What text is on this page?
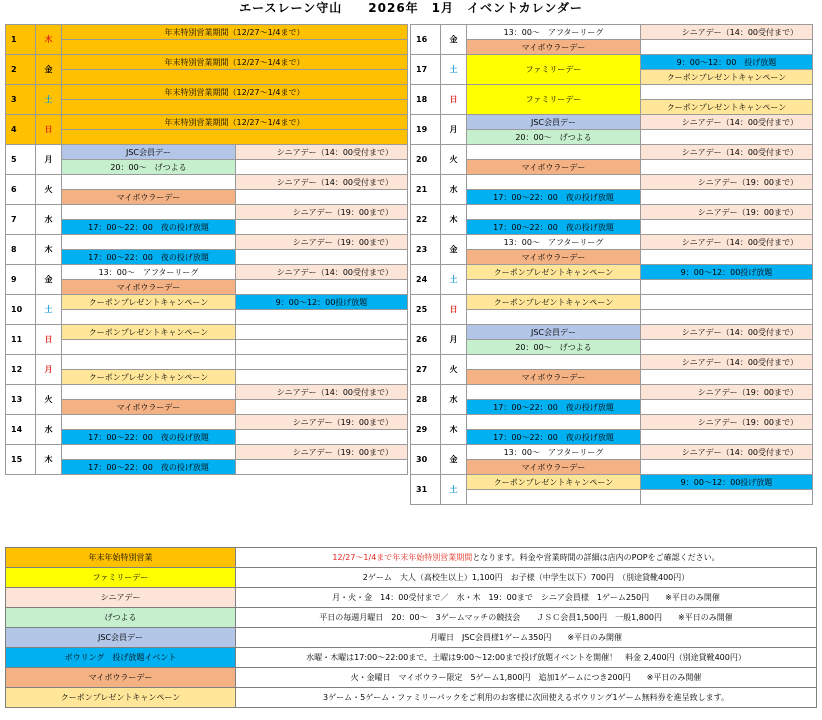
エースレーン守山　　2026年　1月　イベントカレンダー
1	木	年末特別営業期間（12/27～1/4まで）	

2	金	年末特別営業期間（12/27～1/4まで）	

3	土	年末特別営業期間（12/27～1/4まで）	

4	日	年末特別営業期間（12/27～1/4まで）	

5	月	JSC会員デー	シニアデー（14：00受付まで）
		20：00～　げつよる	
6	火		シニアデー（14：00受付まで）
		マイボウラーデー	
7	水		シニアデー（19：00まで）
		17：00～22：00　夜の投げ放題	
8	木		シニアデー（19：00まで）
		17：00～22：00　夜の投げ放題	
9	金	13：00～　アフターリーグ	シニアデー（14：00受付まで）
		マイボウラーデー	
10	土	クーポンプレゼントキャンペーン	9：00～12：00投げ放題

11	日	クーポンプレゼントキャンペーン	

12	月		
		クーポンプレゼントキャンペーン	
13	火		シニアデー（14：00受付まで）
		マイボウラーデー	
14	水		シニアデー（19：00まで）
		17：00～22：00　夜の投げ放題	
15	木		シニアデー（19：00まで）
		17：00～22：00　夜の投げ放題	
16	金	13：00～　アフターリーグ	シニアデー（14：00受付まで）
		マイボウラーデー	
17	土	ファミリーデー	9：00～12：00　投げ放題
			クーポンプレゼントキャンペーン
18	日	ファミリーデー	
			クーポンプレゼントキャンペーン
19	月	JSC会員デー	シニアデー（14：00受付まで）
		20：00～　げつよる	
20	火		シニアデー（14：00受付まで）
		マイボウラーデー	
21	水		シニアデー（19：00まで）
		17：00～22：00　夜の投げ放題	
22	木		シニアデー（19：00まで）
		17：00～22：00　夜の投げ放題	
23	金	13：00～　アフターリーグ	シニアデー（14：00受付まで）
		マイボウラーデー	
24	土	クーポンプレゼントキャンペーン	9：00～12：00投げ放題

25	日	クーポンプレゼントキャンペーン	

26	月	JSC会員デー	シニアデー（14：00受付まで）
		20：00～　げつよる	
27	火		シニアデー（14：00受付まで）
		マイボウラーデー	
28	水		シニアデー（19：00まで）
		17：00～22：00　夜の投げ放題	
29	木		シニアデー（19：00まで）
		17：00～22：00　夜の投げ放題	
30	金	13：00～　アフターリーグ	シニアデー（14：00受付まで）
		マイボウラーデー	
31	土	クーポンプレゼントキャンペーン	9：00～12：00投げ放題

年末年始特別営業	12/27～1/4まで年末年始特別営業期間となります。料金や営業時間の詳細は店内のPOPをご確認ください。
ファミリーデー	2ゲーム　大人（高校生以上）1,100円　お子様（中学生以下）700円　（別途貸靴400円）
シニアデー	月・火・金　14：00受付まで／　水・木　19：00まで　シニア会員様　1ゲーム250円　　※平日のみ開催
げつよる	平日の毎週月曜日　20：00～　3ゲームマッチの競技会　　ＪＳＣ会員1,500円　一般1,800円　　※平日のみ開催
JSC会員デー	月曜日　JSC会員様1ゲーム350円　　※平日のみ開催
ボウリング　投げ放題イベント	水曜・木曜は17:00～22:00まで、土曜は9:00～12:00まで投げ放題イベントを開催！　料金 2,400円（別途貸靴400円）
マイボウラーデー	火・金曜日　マイボウラー限定　5ゲーム1,800円　追加1ゲームにつき200円　　※平日のみ開催
クーポンプレゼントキャンペーン	3ゲーム・5ゲーム・ファミリーパックをご利用のお客様に次回使えるボウリング1ゲーム無料券を進呈致します。
